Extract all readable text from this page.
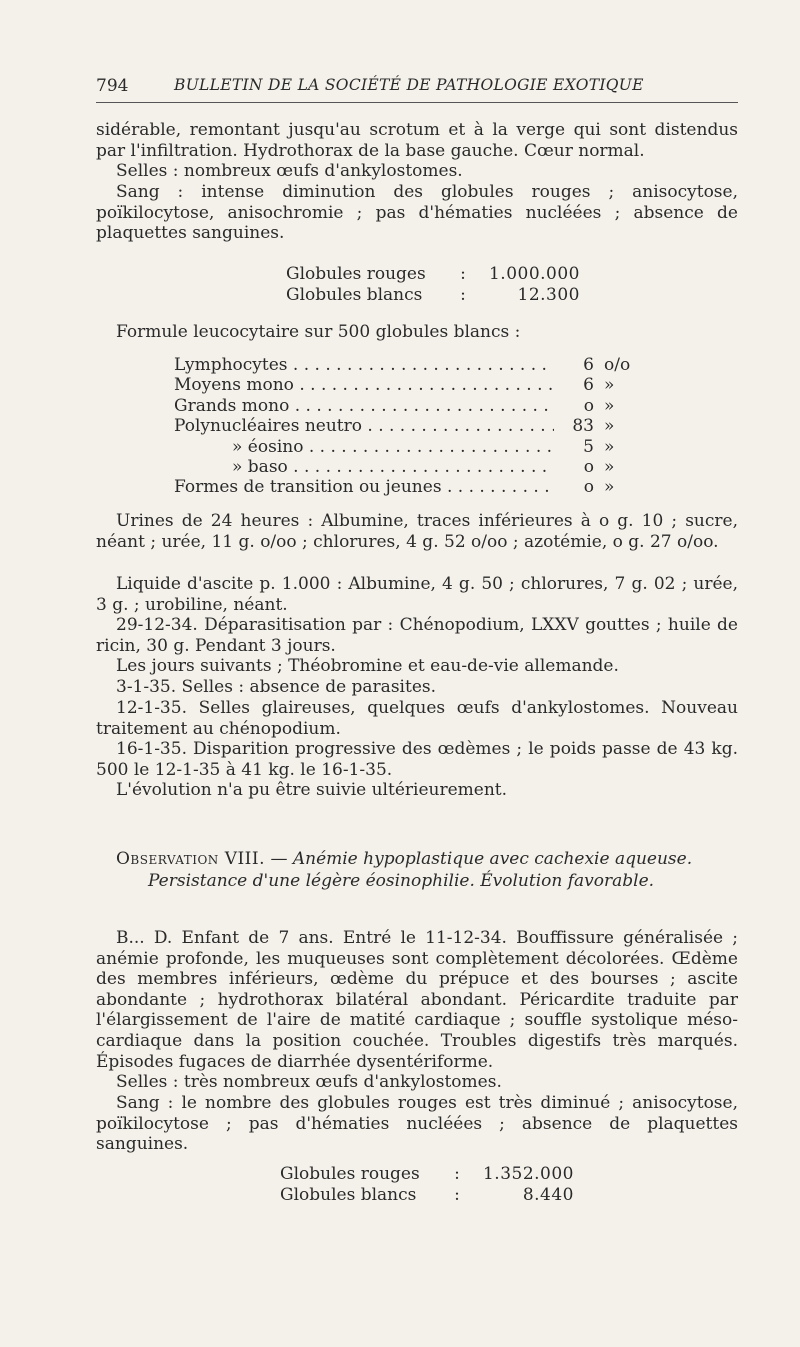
794	BULLETIN DE LA SOCIÉTÉ DE PATHOLOGIE EXOTIQUE
sidérable, remontant jusqu'au scrotum et à la verge qui sont distendus par l'infiltration. Hydrothorax de la base gauche. Cœur normal.
Selles : nombreux œufs d'ankylostomes.
Sang : intense diminution des globules rouges ; anisocytose, poïkilocytose, anisochromie ; pas d'hématies nucléées ; absence de plaquettes sanguines.
Globules rouges	:	1.000.000
Globules blancs	:	12.300
Formule leucocytaire sur 500 globules blancs :
Lymphocytes . . .	6 o/o
Moyens mono . . .	6 »
Grands mono . . .	o »
Polynucléaires neutro . . .	83 »
» éosino . . .	5 »
» baso . . .	o »
Formes de transition ou jeunes . . .	o »
Urines de 24 heures : Albumine, traces inférieures à o g. 10 ; sucre, néant ; urée, 11 g. o/oo ; chlorures, 4 g. 52 o/oo ; azotémie, o g. 27 o/oo.
Liquide d'ascite p. 1.000 : Albumine, 4 g. 50 ; chlorures, 7 g. 02 ; urée, 3 g. ; urobiline, néant.
29-12-34. Déparasitisation par : Chénopodium, LXXV gouttes ; huile de ricin, 30 g. Pendant 3 jours.
Les jours suivants ; Théobromine et eau-de-vie allemande.
3-1-35. Selles : absence de parasites.
12-1-35. Selles glaireuses, quelques œufs d'ankylostomes. Nouveau traitement au chénopodium.
16-1-35. Disparition progressive des œdèmes ; le poids passe de 43 kg. 500 le 12-1-35 à 41 kg. le 16-1-35.
L'évolution n'a pu être suivie ultérieurement.
Observation VIII. — Anémie hypoplastique avec cachexie aqueuse.
Persistance d'une légère éosinophilie. Évolution favorable.
B... D. Enfant de 7 ans. Entré le 11-12-34. Bouffissure généralisée ; anémie profonde, les muqueuses sont complètement décolorées. Œdème des membres inférieurs, œdème du prépuce et des bourses ; ascite abondante ; hydrothorax bilatéral abondant. Péricardite traduite par l'élargissement de l'aire de matité cardiaque ; souffle systolique méso-cardiaque dans la position couchée. Troubles digestifs très marqués. Épisodes fugaces de diarrhée dysentériforme.
Selles : très nombreux œufs d'ankylostomes.
Sang : le nombre des globules rouges est très diminué ; anisocytose, poïkilocytose ; pas d'hématies nucléées ; absence de plaquettes sanguines.
Globules rouges	:	1.352.000
Globules blancs	:	8.440
